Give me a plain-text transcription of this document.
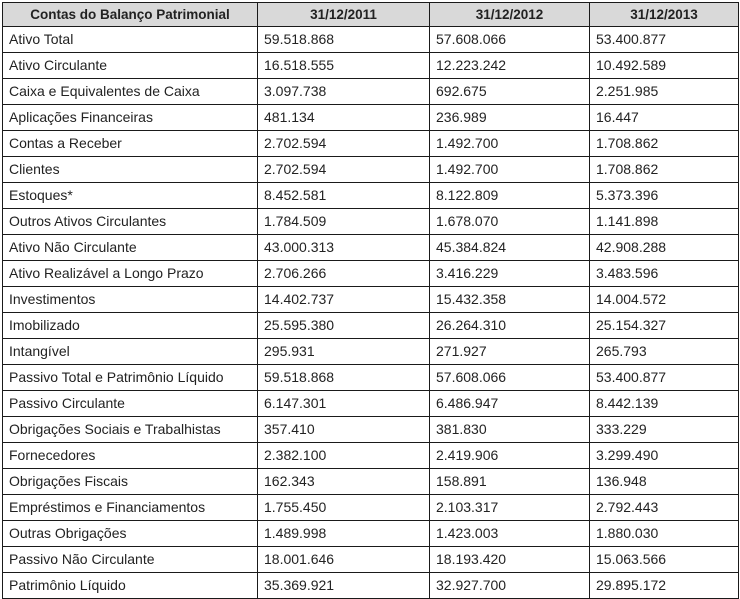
Contas do Balanço Patrimonial	31/12/2011	31/12/2012	31/12/2013
Ativo Total	59.518.868	57.608.066	53.400.877
Ativo Circulante	16.518.555	12.223.242	10.492.589
Caixa e Equivalentes de Caixa	3.097.738	692.675	2.251.985
Aplicações Financeiras	481.134	236.989	16.447
Contas a Receber	2.702.594	1.492.700	1.708.862
Clientes	2.702.594	1.492.700	1.708.862
Estoques*	8.452.581	8.122.809	5.373.396
Outros Ativos Circulantes	1.784.509	1.678.070	1.141.898
Ativo Não Circulante	43.000.313	45.384.824	42.908.288
Ativo Realizável a Longo Prazo	2.706.266	3.416.229	3.483.596
Investimentos	14.402.737	15.432.358	14.004.572
Imobilizado	25.595.380	26.264.310	25.154.327
Intangível	295.931	271.927	265.793
Passivo Total e Patrimônio Líquido	59.518.868	57.608.066	53.400.877
Passivo Circulante	6.147.301	6.486.947	8.442.139
Obrigações Sociais e Trabalhistas	357.410	381.830	333.229
Fornecedores	2.382.100	2.419.906	3.299.490
Obrigações Fiscais	162.343	158.891	136.948
Empréstimos e Financiamentos	1.755.450	2.103.317	2.792.443
Outras Obrigações	1.489.998	1.423.003	1.880.030
Passivo Não Circulante	18.001.646	18.193.420	15.063.566
Patrimônio Líquido	35.369.921	32.927.700	29.895.172
